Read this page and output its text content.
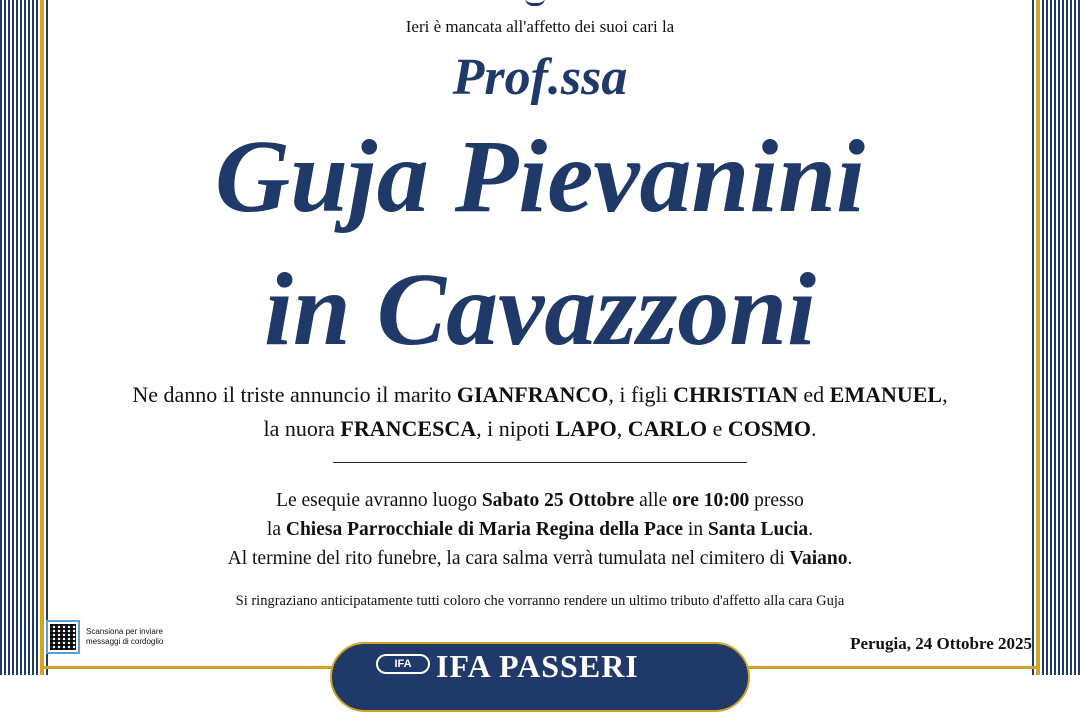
Ieri è mancata all'affetto dei suoi cari la
Prof.ssa
Guja Pievanini
in Cavazzoni
Ne danno il triste annuncio il marito GIANFRANCO, i figli CHRISTIAN ed EMANUEL,
la nuora FRANCESCA, i nipoti LAPO, CARLO e COSMO.
Le esequie avranno luogo Sabato 25 Ottobre alle ore 10:00 presso
la Chiesa Parrocchiale di Maria Regina della Pace in Santa Lucia.
Al termine del rito funebre, la cara salma verrà tumulata nel cimitero di Vaiano.
Si ringraziano anticipatamente tutti coloro che vorranno rendere un ultimo tributo d'affetto alla cara Guja
Scansiona per inviare
messaggi di cordoglio	Perugia, 24 Ottobre 2025
IFA IFA PASSERI
